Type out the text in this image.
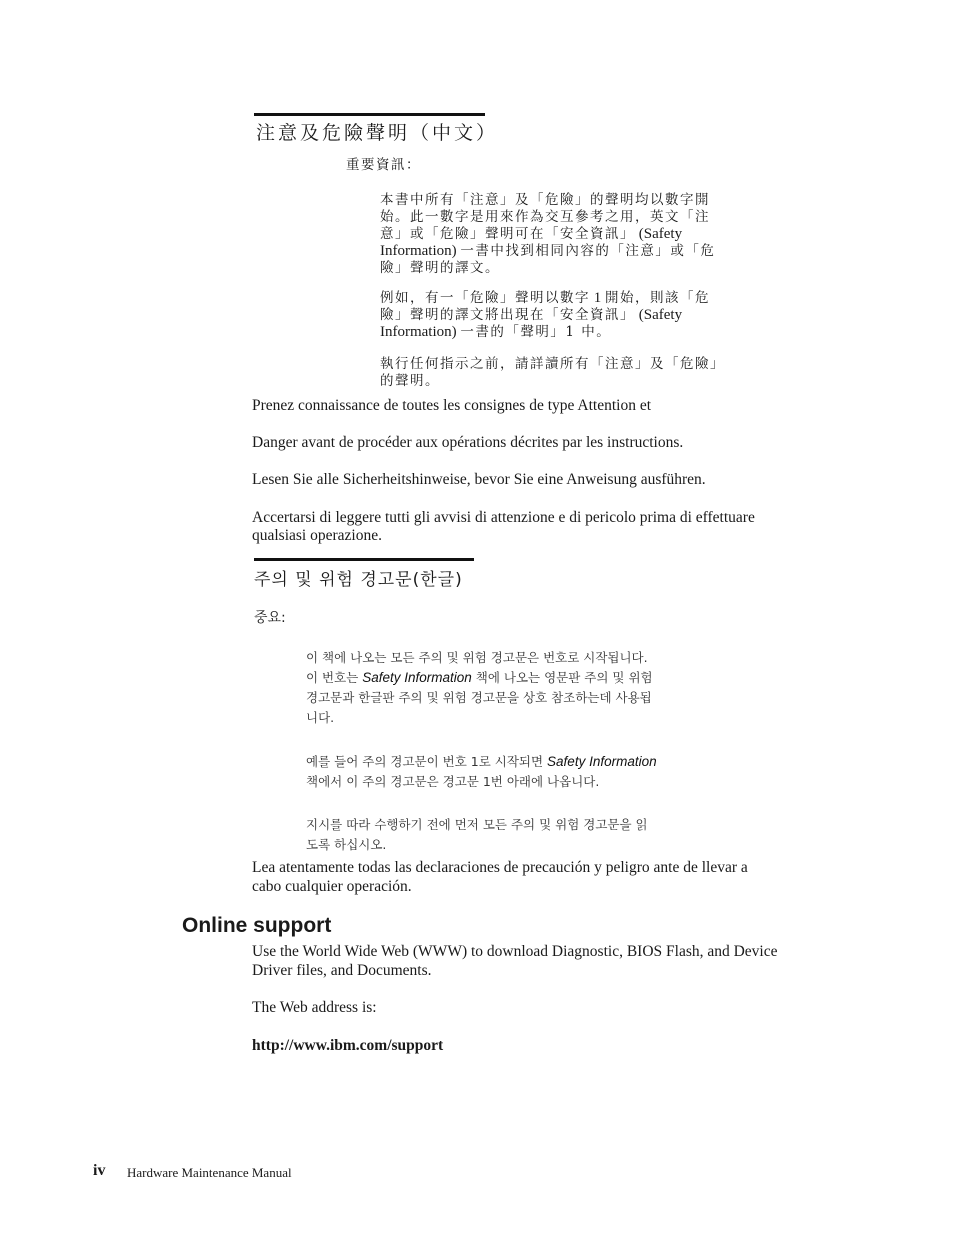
注意及危險聲明（中文）
重要資訊：
本書中所有「注意」及「危險」的聲明均以數字開
始。此一數字是用來作為交互參考之用，英文「注
意」或「危險」聲明可在「安全資訊」 (Safety
Information) 一書中找到相同內容的「注意」或「危
險」聲明的譯文。
例如，有一「危險」聲明以數字 1 開始，則該「危
險」聲明的譯文將出現在「安全資訊」 (Safety
Information) 一書的「聲明」1 中。
執行任何指示之前，請詳讀所有「注意」及「危險」
的聲明。
Prenez connaissance de toutes les consignes de type Attention et
Danger avant de procéder aux opérations décrites par les instructions.
Lesen Sie alle Sicherheitshinweise, bevor Sie eine Anweisung ausführen.
Accertarsi di leggere tutti gli avvisi di attenzione e di pericolo prima di effettuare
qualsiasi operazione.
주의 및 위험 경고문(한글)
중요:
이 책에 나오는 모든 주의 및 위험 경고문은 번호로 시작됩니다.
이 번호는 Safety Information 책에 나오는 영문판 주의 및 위험
경고문과 한글판 주의 및 위험 경고문을 상호 참조하는데 사용됩
니다.
예를 들어 주의 경고문이 번호 1로 시작되면 Safety Information
책에서 이 주의 경고문은 경고문 1번 아래에 나옵니다.
지시를 따라 수행하기 전에 먼저 모든 주의 및 위험 경고문을 읽
도록 하십시오.
Lea atentamente todas las declaraciones de precaución y peligro ante de llevar a
cabo cualquier operación.
Online support
Use the World Wide Web (WWW) to download Diagnostic, BIOS Flash, and Device
Driver files, and Documents.
The Web address is:
http://www.ibm.com/support
iv Hardware Maintenance Manual
